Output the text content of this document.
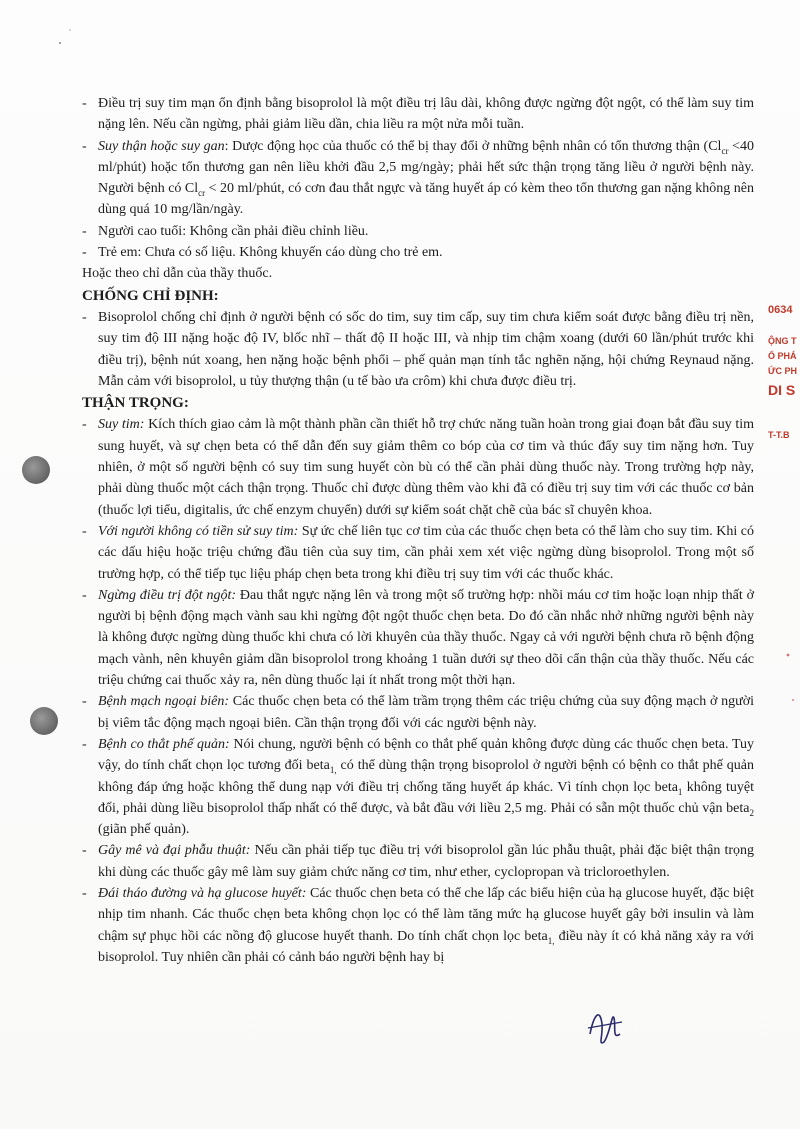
0634
ỘNG T
Ổ PHÁ
ỨC PH
DI S
T-T.B
- Điều trị suy tim mạn ổn định bằng bisoprolol là một điều trị lâu dài, không được ngừng đột ngột, có thể làm suy tim nặng lên. Nếu cần ngừng, phải giảm liều dần, chia liều ra một nửa mỗi tuần.
- Suy thận hoặc suy gan: Dược động học của thuốc có thể bị thay đổi ở những bệnh nhân có tổn thương thận ($Cl_{cr} <40$ ml/phút) hoặc tổn thương gan nên liều khởi đầu 2,5 mg/ngày; phải hết sức thận trọng tăng liều ở người bệnh này. Người bệnh có $Cl_{cr} < 20$ ml/phút, có cơn đau thắt ngực và tăng huyết áp có kèm theo tổn thương gan nặng không nên dùng quá 10 mg/lần/ngày.
- Người cao tuổi: Không cần phải điều chỉnh liều.
- Trẻ em: Chưa có số liệu. Không khuyến cáo dùng cho trẻ em.
Hoặc theo chỉ dẫn của thầy thuốc.
CHỐNG CHỈ ĐỊNH:
- Bisoprolol chống chỉ định ở người bệnh có sốc do tim, suy tim cấp, suy tim chưa kiểm soát được bằng điều trị nền, suy tim độ III nặng hoặc độ IV, blốc nhĩ – thất độ II hoặc III, và nhịp tim chậm xoang (dưới 60 lần/phút trước khi điều trị), bệnh nút xoang, hen nặng hoặc bệnh phổi – phế quản mạn tính tắc nghẽn nặng, hội chứng Reynaud nặng. Mẫn cảm với bisoprolol, u tủy thượng thận (u tế bào ưa crôm) khi chưa được điều trị.
THẬN TRỌNG:
- Suy tim: Kích thích giao cảm là một thành phần cần thiết hỗ trợ chức năng tuần hoàn trong giai đoạn bắt đầu suy tim sung huyết, và sự chẹn beta có thể dẫn đến suy giảm thêm co bóp của cơ tim và thúc đẩy suy tim nặng hơn. Tuy nhiên, ở một số người bệnh có suy tim sung huyết còn bù có thể cần phải dùng thuốc này. Trong trường hợp này, phải dùng thuốc một cách thận trọng. Thuốc chỉ được dùng thêm vào khi đã có điều trị suy tim với các thuốc cơ bản (thuốc lợi tiểu, digitalis, ức chế enzym chuyển) dưới sự kiểm soát chặt chẽ của bác sĩ chuyên khoa.
- Với người không có tiền sử suy tim: Sự ức chế liên tục cơ tim của các thuốc chẹn beta có thể làm cho suy tim. Khi có các dấu hiệu hoặc triệu chứng đầu tiên của suy tim, cần phải xem xét việc ngừng dùng bisoprolol. Trong một số trường hợp, có thể tiếp tục liệu pháp chẹn beta trong khi điều trị suy tim với các thuốc khác.
- Ngừng điều trị đột ngột: Đau thắt ngực nặng lên và trong một số trường hợp: nhồi máu cơ tim hoặc loạn nhịp thất ở người bị bệnh động mạch vành sau khi ngừng đột ngột thuốc chẹn beta. Do đó cần nhắc nhở những người bệnh này là không được ngừng dùng thuốc khi chưa có lời khuyên của thầy thuốc. Ngay cả với người bệnh chưa rõ bệnh động mạch vành, nên khuyên giảm dần bisoprolol trong khoảng 1 tuần dưới sự theo dõi cẩn thận của thầy thuốc. Nếu các triệu chứng cai thuốc xảy ra, nên dùng thuốc lại ít nhất trong một thời hạn.
- Bệnh mạch ngoại biên: Các thuốc chẹn beta có thể làm trầm trọng thêm các triệu chứng của suy động mạch ở người bị viêm tắc động mạch ngoại biên. Cần thận trọng đối với các người bệnh này.
- Bệnh co thắt phế quản: Nói chung, người bệnh có bệnh co thắt phế quản không được dùng các thuốc chẹn beta. Tuy vậy, do tính chất chọn lọc tương đối beta$_{1,}$ có thể dùng thận trọng bisoprolol ở người bệnh có bệnh co thắt phế quản không đáp ứng hoặc không thể dung nạp với điều trị chống tăng huyết áp khác. Vì tính chọn lọc beta$_1$ không tuyệt đối, phải dùng liều bisoprolol thấp nhất có thể được, và bắt đầu với liều 2,5 mg. Phải có sẵn một thuốc chủ vận beta$_2$ (giãn phế quản).
- Gây mê và đại phẫu thuật: Nếu cần phải tiếp tục điều trị với bisoprolol gần lúc phẫu thuật, phải đặc biệt thận trọng khi dùng các thuốc gây mê làm suy giảm chức năng cơ tim, như ether, cyclopropan và tricloroethylen.
- Đái tháo đường và hạ glucose huyết: Các thuốc chẹn beta có thể che lấp các biểu hiện của hạ glucose huyết, đặc biệt nhịp tim nhanh. Các thuốc chẹn beta không chọn lọc có thể làm tăng mức hạ glucose huyết gây bởi insulin và làm chậm sự phục hồi các nồng độ glucose huyết thanh. Do tính chất chọn lọc beta$_{1,}$ điều này ít có khả năng xảy ra với bisoprolol. Tuy nhiên cần phải có cảnh báo người bệnh hay bị
